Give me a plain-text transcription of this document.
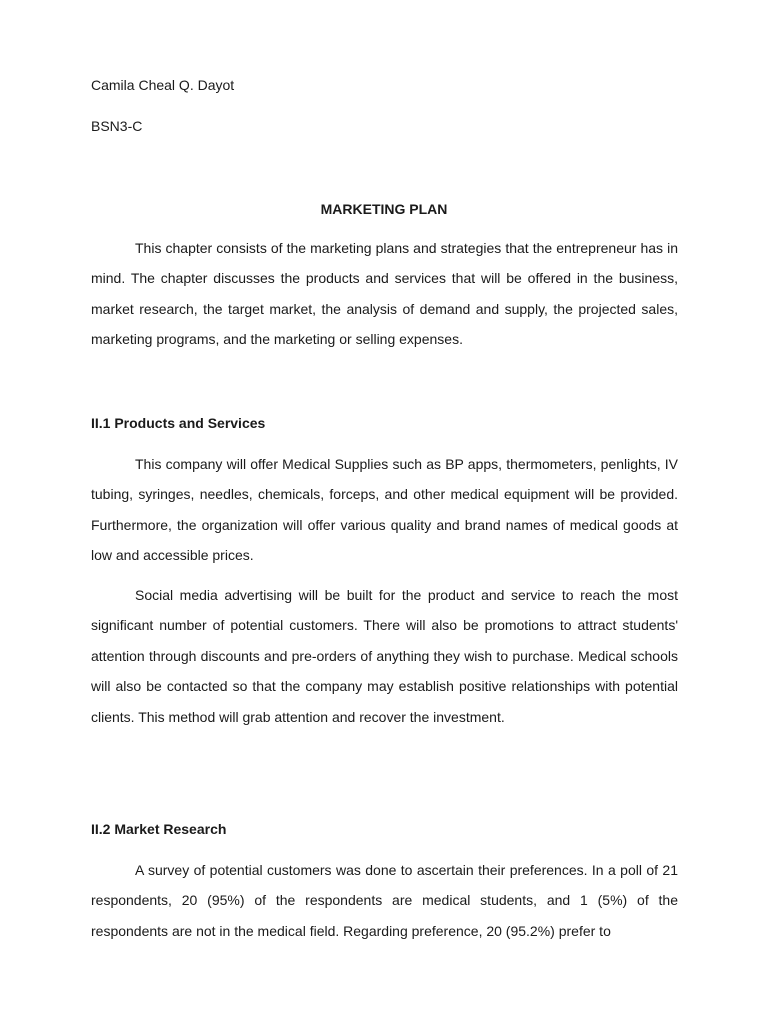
Camila Cheal Q. Dayot

BSN3-C

MARKETING PLAN

This chapter consists of the marketing plans and strategies that the entrepreneur has in mind. The chapter discusses the products and services that will be offered in the business, market research, the target market, the analysis of demand and supply, the projected sales, marketing programs, and the marketing or selling expenses.

II.1 Products and Services

This company will offer Medical Supplies such as BP apps, thermometers, penlights, IV tubing, syringes, needles, chemicals, forceps, and other medical equipment will be provided. Furthermore, the organization will offer various quality and brand names of medical goods at low and accessible prices.

Social media advertising will be built for the product and service to reach the most significant number of potential customers. There will also be promotions to attract students' attention through discounts and pre-orders of anything they wish to purchase. Medical schools will also be contacted so that the company may establish positive relationships with potential clients. This method will grab attention and recover the investment.

II.2 Market Research

A survey of potential customers was done to ascertain their preferences. In a poll of 21 respondents, 20 (95%) of the respondents are medical students, and 1 (5%) of the respondents are not in the medical field. Regarding preference, 20 (95.2%) prefer to
